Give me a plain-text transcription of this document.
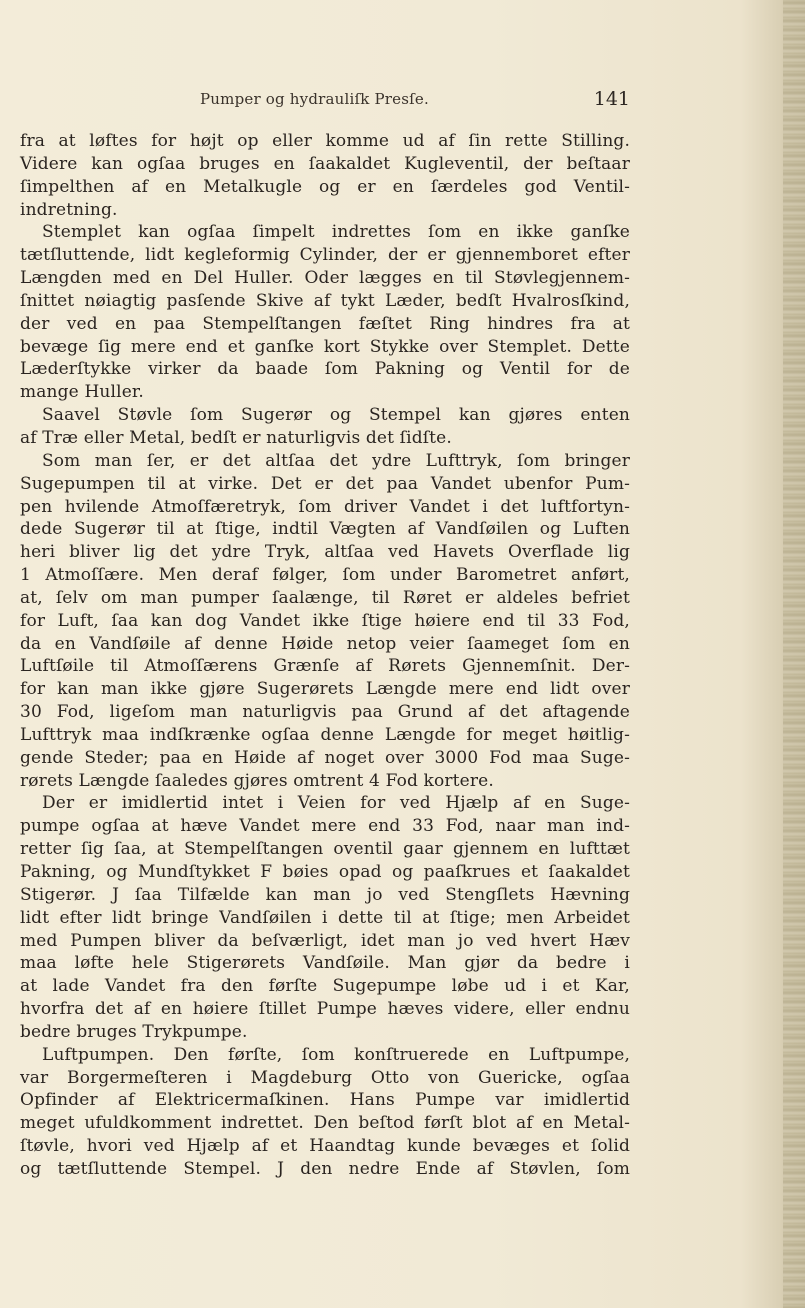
Pumper og hydrauliſk Presſe.	141
fra at løftes for højt op eller komme ud af ſin rette Stilling.
Videre kan ogſaa bruges en ſaakaldet Kugleventil, der beſtaar
ſimpelthen af en Metalkugle og er en ſærdeles god Ventil-
indretning.
Stemplet kan ogſaa ſimpelt indrettes ſom en ikke ganſke
tætſluttende, lidt kegleformig Cylinder, der er gjennemboret efter
Længden med en Del Huller. Oder lægges en til Støvlegjennem-
ſnittet nøiagtig pasſende Skive af tykt Læder, bedſt Hvalrosſkind,
der ved en paa Stempelſtangen fæſtet Ring hindres fra at
bevæge ſig mere end et ganſke kort Stykke over Stemplet. Dette
Læderſtykke virker da baade ſom Pakning og Ventil for de
mange Huller.
Saavel Støvle ſom Sugerør og Stempel kan gjøres enten
af Træ eller Metal, bedſt er naturligvis det ſidſte.
Som man ſer, er det altſaa det ydre Lufttryk, ſom bringer
Sugepumpen til at virke. Det er det paa Vandet ubenfor Pum-
pen hvilende Atmoſfæretryk, ſom driver Vandet i det luftfortyn-
dede Sugerør til at ſtige, indtil Vægten af Vandſøilen og Luften
heri bliver lig det ydre Tryk, altſaa ved Havets Overflade lig
1 Atmoſſære. Men deraf følger, ſom under Barometret anført,
at, ſelv om man pumper ſaalænge, til Røret er aldeles befriet
for Luft, ſaa kan dog Vandet ikke ſtige høiere end til 33 Fod,
da en Vandſøile af denne Høide netop veier ſaameget ſom en
Luftſøile til Atmoſſærens Grænſe af Rørets Gjennemſnit. Der-
for kan man ikke gjøre Sugerørets Længde mere end lidt over
30 Fod, ligeſom man naturligvis paa Grund af det aftagende
Lufttryk maa indſkrænke ogſaa denne Længde for meget høitlig-
gende Steder; paa en Høide af noget over 3000 Fod maa Suge-
rørets Længde ſaaledes gjøres omtrent 4 Fod kortere.
Der er imidlertid intet i Veien for ved Hjælp af en Suge-
pumpe ogſaa at hæve Vandet mere end 33 Fod, naar man ind-
retter ſig ſaa, at Stempelſtangen oventil gaar gjennem en lufttæt
Pakning, og Mundſtykket F bøies opad og paaſkrues et ſaakaldet
Stigerør. J ſaa Tilfælde kan man jo ved Stengſlets Hævning
lidt efter lidt bringe Vandſøilen i dette til at ſtige; men Arbeidet
med Pumpen bliver da beſværligt, idet man jo ved hvert Hæv
maa løfte hele Stigerørets Vandſøile. Man gjør da bedre i
at lade Vandet fra den førſte Sugepumpe løbe ud i et Kar,
hvorfra det af en høiere ſtillet Pumpe hæves videre, eller endnu
bedre bruges Trykpumpe.
Luftpumpen. Den førſte, ſom konſtruerede en Luftpumpe,
var Borgermeſteren i Magdeburg Otto von Guericke, ogſaa
Opfinder af Elektricermaſkinen. Hans Pumpe var imidlertid
meget ufuldkomment indrettet. Den beſtod førſt blot af en Metal-
ſtøvle, hvori ved Hjælp af et Haandtag kunde bevæges et ſolid
og tætſluttende Stempel. J den nedre Ende af Støvlen, ſom
